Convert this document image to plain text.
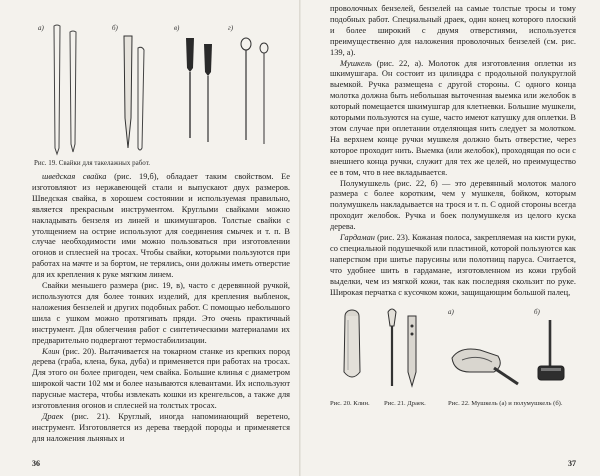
а)	б)	в)	г)
Рис. 19. Свайки для такелажных работ.

шведская свайка (рис. 19,б), обладает таким свойством. Ее изготовляют из нержавеющей стали и выпускают двух размеров. Шведская свайка, в хорошем состоянии и используемая правильно, является прекрасным инструментом. Круглыми свайками можно накладывать бензеля из линей и шкимушгаров. Толстые свайки с утолщением на острие используют для соединения смычек и т. п. В случае необходимости ими можно пользоваться при изготовлении огонов и сплесней на тросах. Чтобы свайки, которыми пользуются при работах на мачте и за бортом, не терялись, они должны иметь отверстие для их крепления к руке мягким линем.

Свайки меньшего размера (рис. 19, в), часто с деревянной ручкой, используются для более тонких изделий, для крепления выбленок, наложения бензелей и других подобных работ. С помощью небольшого шила с ушком можно протягивать пряди. Это очень практичный инструмент. Для облегчения работ с синтетическими материалами их предварительно подвергают термостабилизации.

Клин (рис. 20). Вытачивается на токарном станке из крепких пород дерева (граба, клена, бука, дуба) и применяется при работах на тросах. Для этого он более пригоден, чем свайка. Большие клинья с диаметром широкой части 102 мм и более называются клевантами. Их используют парусные мастера, чтобы извлекать кошки из кренгельсов, а также для изготовления огонов и сплесней на толстых тросах.

Драек (рис. 21). Круглый, иногда напоминающий веретено, инструмент. Изготовляется из дерева твердой породы и применяется для наложения льняных и

36

проволочных бензелей, бензелей на самые толстые тросы и тому подобных работ. Специальный драек, один конец которого плоский и более широкий с двумя отверстиями, используется преимущественно для наложения проволочных бензелей (см. рис. 139, а).

Мушкель (рис. 22, а). Молоток для изготовления оплетки из шкимушгара. Он состоит из цилиндра с продольной полукруглой выемкой. Ручка размещена с другой стороны. С одного конца молотка должна быть небольшая выточенная выемка или желобок в который помещается шкимушгар для клетневки. Большие мушкели, которыми пользуются на суше, часто имеют катушку для оплетки. В этом случае при оплетании отделяющая нить следует за молотком. На верхнем конце ручки мушкеля должно быть отверстие, через которое проходит нить. Выемка (или желобок), проходящая по оси с внешнего конца ручки, служит для тех же целей, но преимущество ее в том, что в нее вкладывается.

Полумушкель (рис. 22, б) — это деревянный молоток малого размера с более коротким, чем у мушкеля, бойком, которым полумушкель накладывается на трося и т. п. С одной стороны всегда проходит желобок. Ручка и боек полумушкеля из целого куска дерева.

Гардаман (рис. 23). Кожаная полоса, закрепляемая на кисти руки, со специальной подушечкой или пластиной, которой пользуются как наперстком при шитье парусины или полотнищ паруса. Считается, что удобнее шить в гардамане, изготовленном из кожи грубой выделки, чем из мягкой кожи, так как последняя скользит по руке. Широкая перчатка с кусочком кожи, защищающим большой палец,

а)	б)
Рис. 20. Клин.	Рис. 21. Драек.	Рис. 22. Мушкель (а) и полумушкель (б).
37
